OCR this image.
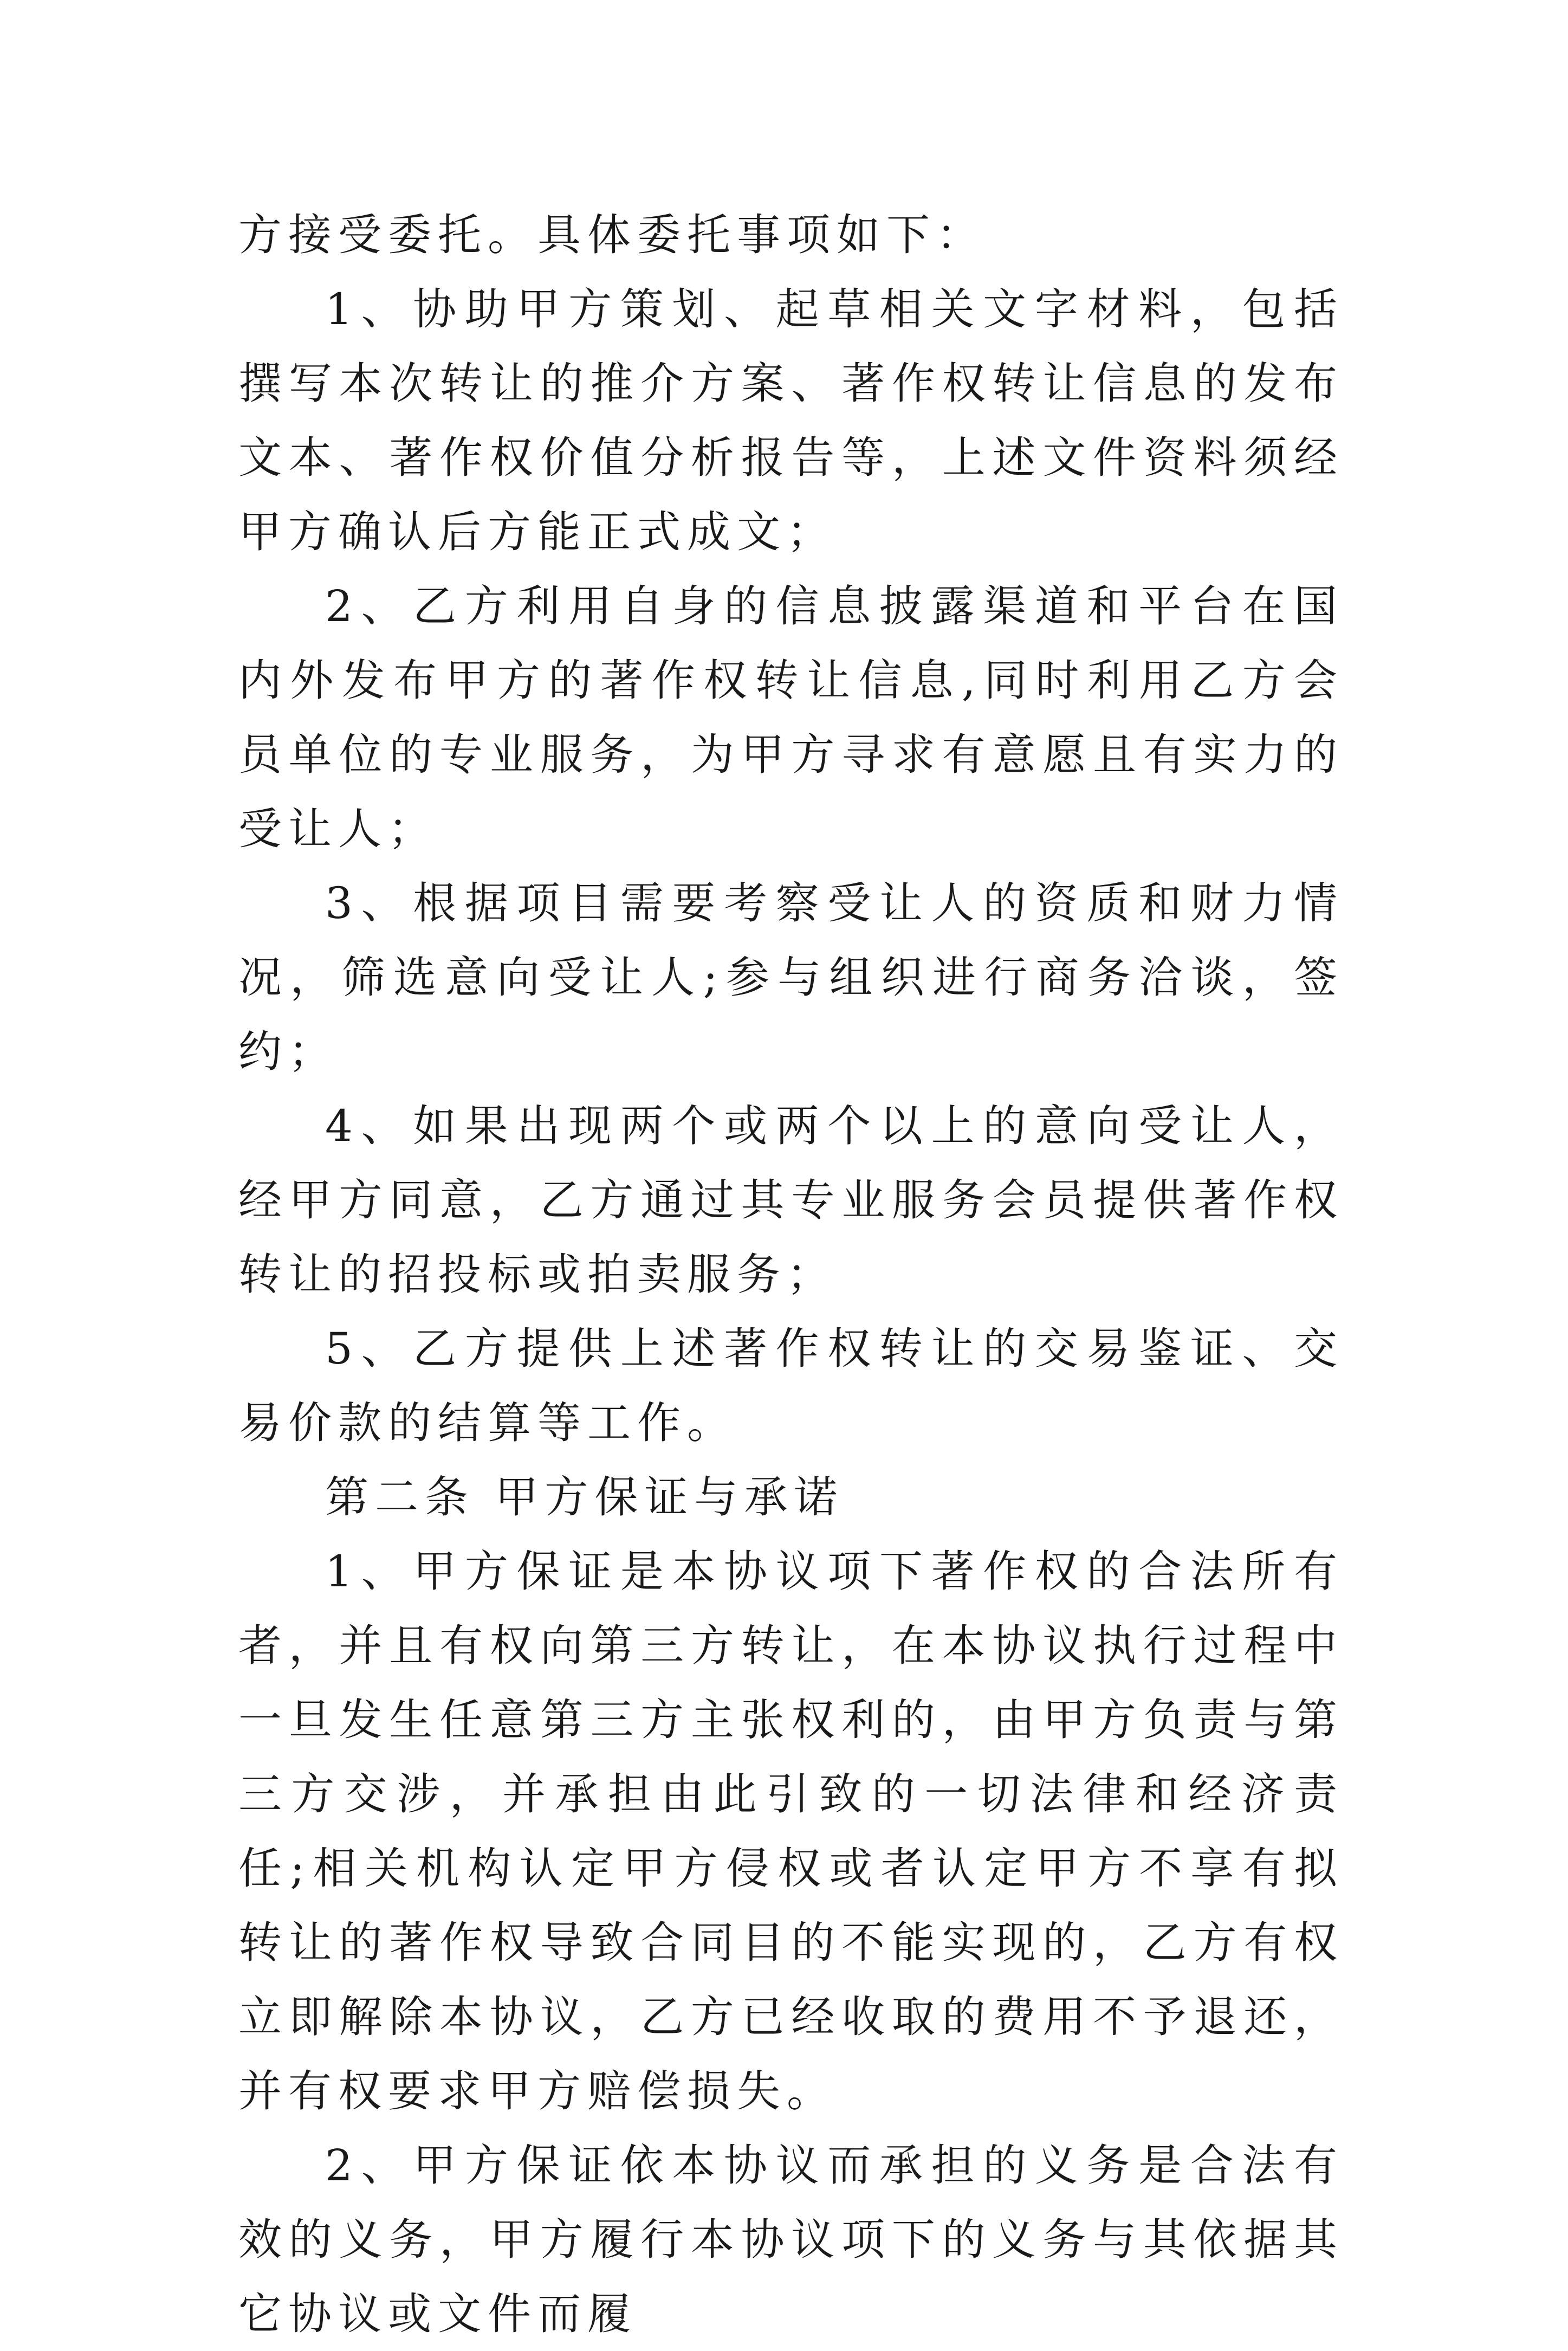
方接受委托。具体委托事项如下：

1、协助甲方策划、起草相关文字材料，包括撰写本次转让的推介方案、著作权转让信息的发布文本、著作权价值分析报告等，上述文件资料须经甲方确认后方能正式成文；

2、乙方利用自身的信息披露渠道和平台在国内外发布甲方的著作权转让信息,同时利用乙方会员单位的专业服务，为甲方寻求有意愿且有实力的受让人；

3、根据项目需要考察受让人的资质和财力情况，筛选意向受让人;参与组织进行商务洽谈，签约；

4、如果出现两个或两个以上的意向受让人，经甲方同意，乙方通过其专业服务会员提供著作权转让的招投标或拍卖服务；

5、乙方提供上述著作权转让的交易鉴证、交易价款的结算等工作。

第二条 甲方保证与承诺

1、甲方保证是本协议项下著作权的合法所有者，并且有权向第三方转让，在本协议执行过程中一旦发生任意第三方主张权利的，由甲方负责与第三方交涉，并承担由此引致的一切法律和经济责任;相关机构认定甲方侵权或者认定甲方不享有拟转让的著作权导致合同目的不能实现的，乙方有权立即解除本协议，乙方已经收取的费用不予退还，并有权要求甲方赔偿损失。

2、甲方保证依本协议而承担的义务是合法有效的义务，甲方履行本协议项下的义务与其依据其它协议或文件而履
